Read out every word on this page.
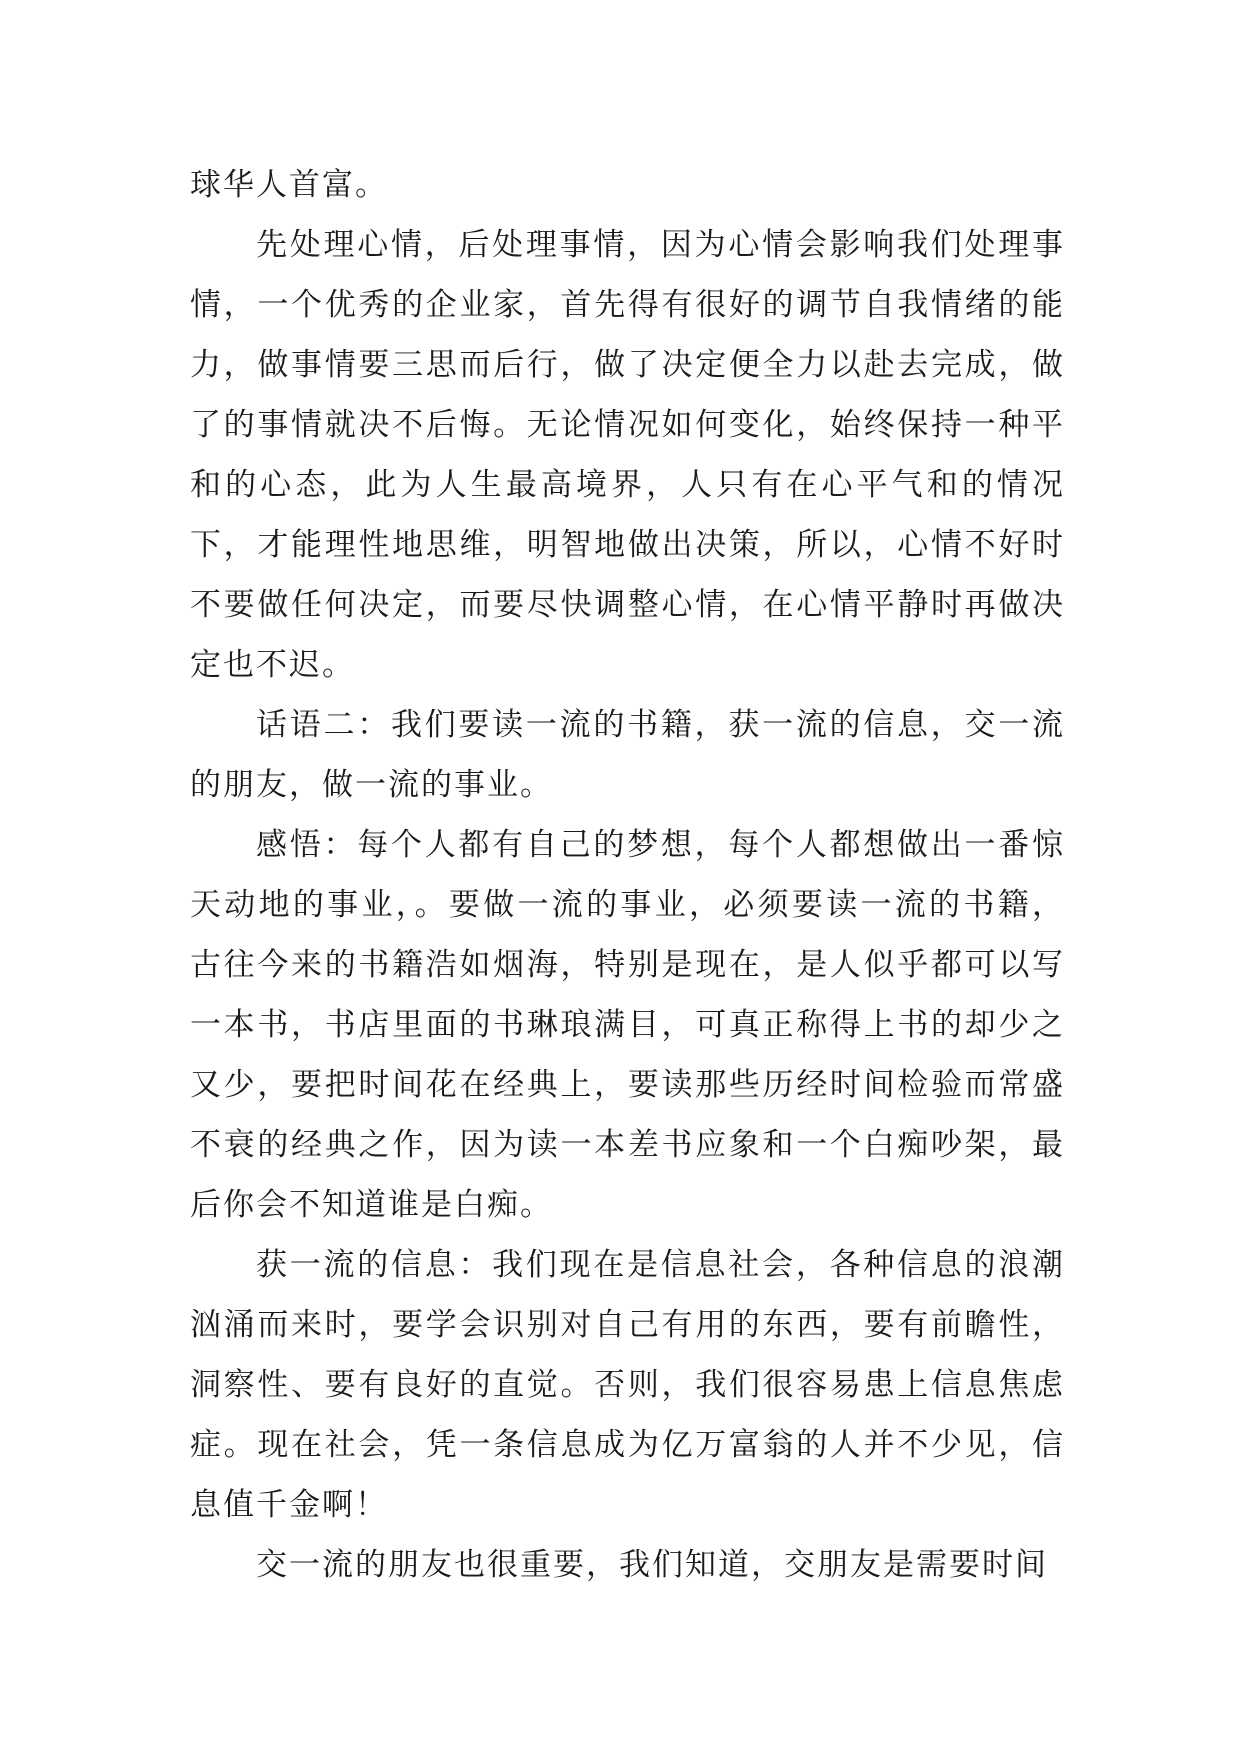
球华人首富。

先处理心情，后处理事情，因为心情会影响我们处理事情，一个优秀的企业家，首先得有很好的调节自我情绪的能力，做事情要三思而后行，做了决定便全力以赴去完成，做了的事情就决不后悔。无论情况如何变化，始终保持一种平和的心态，此为人生最高境界，人只有在心平气和的情况下，才能理性地思维，明智地做出决策，所以，心情不好时不要做任何决定，而要尽快调整心情，在心情平静时再做决定也不迟。

话语二：我们要读一流的书籍，获一流的信息，交一流的朋友，做一流的事业。

感悟：每个人都有自己的梦想，每个人都想做出一番惊天动地的事业，。要做一流的事业，必须要读一流的书籍，古往今来的书籍浩如烟海，特别是现在，是人似乎都可以写一本书，书店里面的书琳琅满目，可真正称得上书的却少之又少，要把时间花在经典上，要读那些历经时间检验而常盛不衰的经典之作，因为读一本差书应象和一个白痴吵架，最后你会不知道谁是白痴。

获一流的信息：我们现在是信息社会，各种信息的浪潮汹涌而来时，要学会识别对自己有用的东西，要有前瞻性，洞察性、要有良好的直觉。否则，我们很容易患上信息焦虑症。现在社会，凭一条信息成为亿万富翁的人并不少见，信息值千金啊！

交一流的朋友也很重要，我们知道，交朋友是需要时间
